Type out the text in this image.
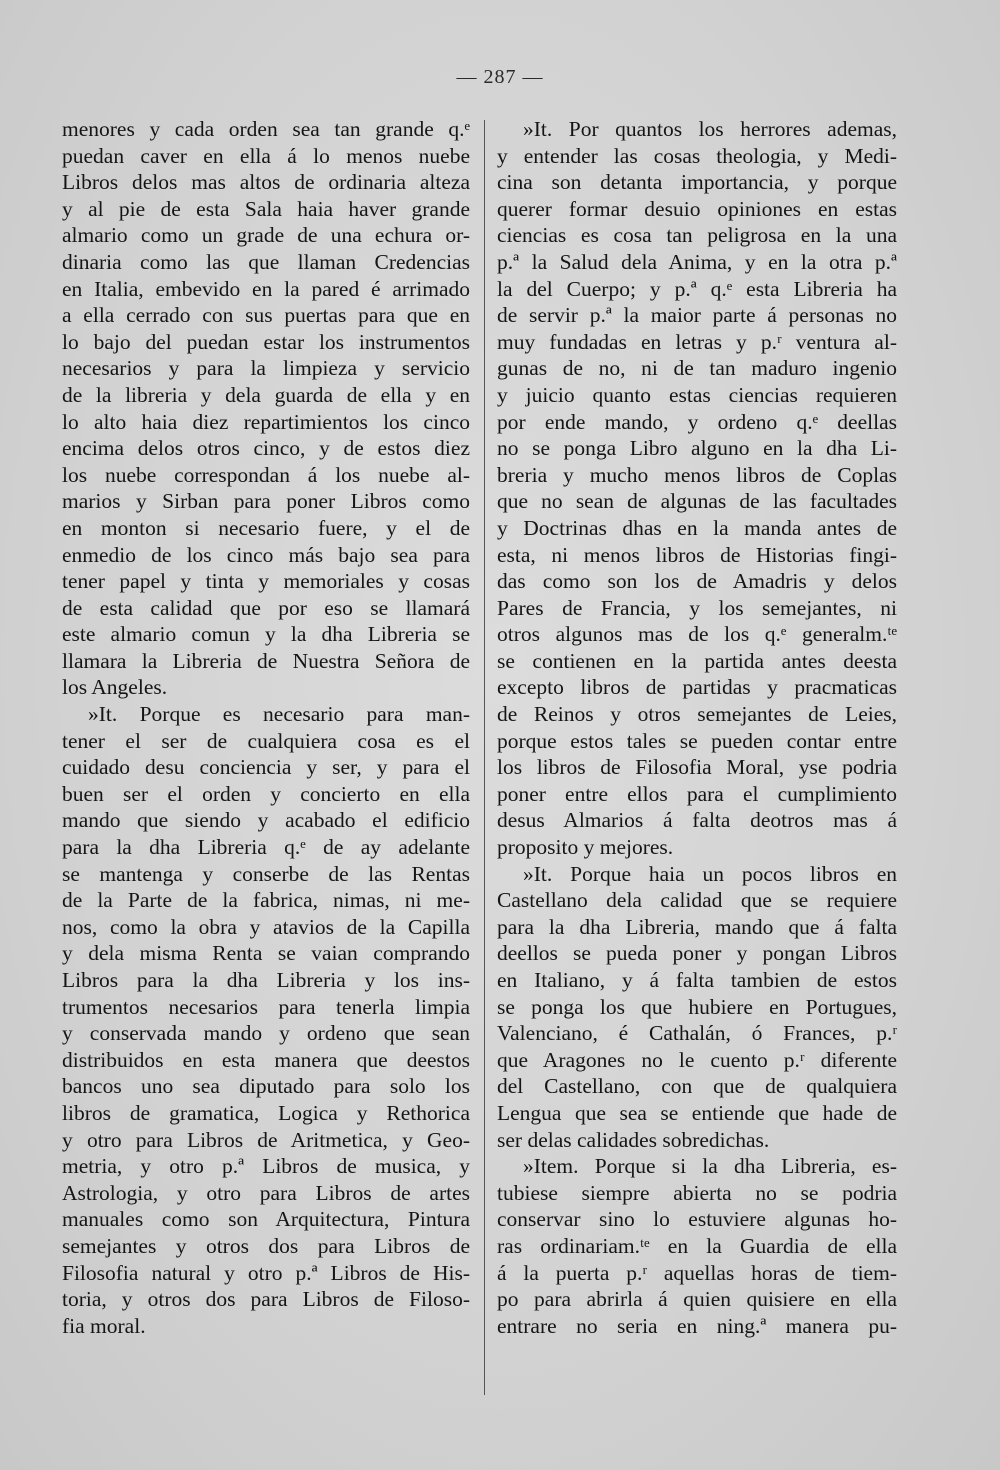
— 287 —
menores y cada orden sea tan grande q.ᵉ
puedan caver en ella á lo menos nuebe
Libros delos mas altos de ordinaria alteza
y al pie de esta Sala haia haver grande
almario como un grade de una echura or-
dinaria como las que llaman Credencias
en Italia, embevido en la pared é arrimado
a ella cerrado con sus puertas para que en
lo bajo del puedan estar los instrumentos
necesarios y para la limpieza y servicio
de la libreria y dela guarda de ella y en
lo alto haia diez repartimientos los cinco
encima delos otros cinco, y de estos diez
los nuebe correspondan á los nuebe al-
marios y Sirban para poner Libros como
en monton si necesario fuere, y el de
enmedio de los cinco más bajo sea para
tener papel y tinta y memoriales y cosas
de esta calidad que por eso se llamará
este almario comun y la dha Libreria se
llamara la Libreria de Nuestra Señora de
los Angeles.
»It. Porque es necesario para man-
tener el ser de cualquiera cosa es el
cuidado desu conciencia y ser, y para el
buen ser el orden y concierto en ella
mando que siendo y acabado el edificio
para la dha Libreria q.ᵉ de ay adelante
se mantenga y conserbe de las Rentas
de la Parte de la fabrica, nimas, ni me-
nos, como la obra y atavios de la Capilla
y dela misma Renta se vaian comprando
Libros para la dha Libreria y los ins-
trumentos necesarios para tenerla limpia
y conservada mando y ordeno que sean
distribuidos en esta manera que deestos
bancos uno sea diputado para solo los
libros de gramatica, Logica y Rethorica
y otro para Libros de Aritmetica, y Geo-
metria, y otro p.ª Libros de musica, y
Astrologia, y otro para Libros de artes
manuales como son Arquitectura, Pintura
semejantes y otros dos para Libros de
Filosofia natural y otro p.ª Libros de His-
toria, y otros dos para Libros de Filoso-
fia moral.
»It. Por quantos los herrores ademas,
y entender las cosas theologia, y Medi-
cina son detanta importancia, y porque
querer formar desuio opiniones en estas
ciencias es cosa tan peligrosa en la una
p.ª la Salud dela Anima, y en la otra p.ª
la del Cuerpo; y p.ª q.ᵉ esta Libreria ha
de servir p.ª la maior parte á personas no
muy fundadas en letras y p.ʳ ventura al-
gunas de no, ni de tan maduro ingenio
y juicio quanto estas ciencias requieren
por ende mando, y ordeno q.ᵉ deellas
no se ponga Libro alguno en la dha Li-
breria y mucho menos libros de Coplas
que no sean de algunas de las facultades
y Doctrinas dhas en la manda antes de
esta, ni menos libros de Historias fingi-
das como son los de Amadris y delos
Pares de Francia, y los semejantes, ni
otros algunos mas de los q.ᵉ generalm.ᵗᵉ
se contienen en la partida antes deesta
excepto libros de partidas y pracmaticas
de Reinos y otros semejantes de Leies,
porque estos tales se pueden contar entre
los libros de Filosofia Moral, yse podria
poner entre ellos para el cumplimiento
desus Almarios á falta deotros mas á
proposito y mejores.
»It. Porque haia un pocos libros en
Castellano dela calidad que se requiere
para la dha Libreria, mando que á falta
deellos se pueda poner y pongan Libros
en Italiano, y á falta tambien de estos
se ponga los que hubiere en Portugues,
Valenciano, é Cathalán, ó Frances, p.ʳ
que Aragones no le cuento p.ʳ diferente
del Castellano, con que de qualquiera
Lengua que sea se entiende que hade de
ser delas calidades sobredichas.
»Item. Porque si la dha Libreria, es-
tubiese siempre abierta no se podria
conservar sino lo estuviere algunas ho-
ras ordinariam.ᵗᵉ en la Guardia de ella
á la puerta p.ʳ aquellas horas de tiem-
po para abrirla á quien quisiere en ella
entrare no seria en ning.ª manera pu-
